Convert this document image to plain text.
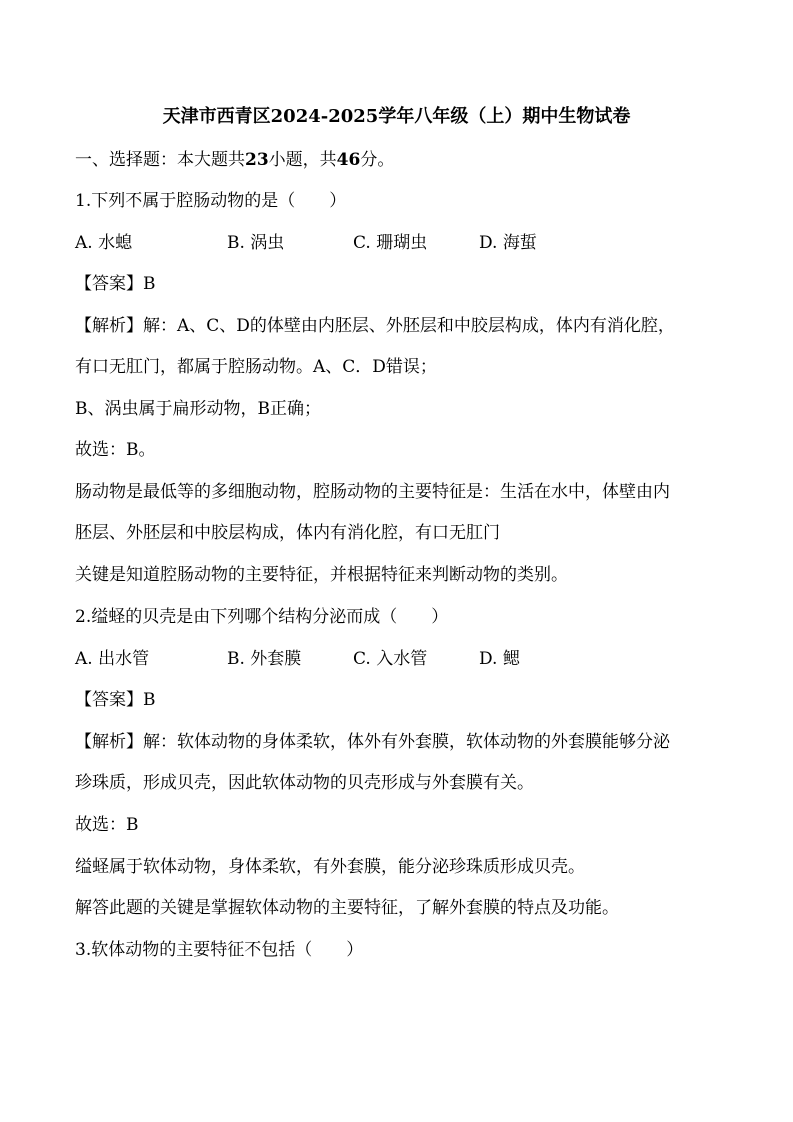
天津市西青区2024-2025学年八年级（上）期中生物试卷
一、选择题：本大题共23小题，共46分。
1.下列不属于腔肠动物的是（　　）
A. 水螅	B. 涡虫	C. 珊瑚虫	D. 海蜇
【答案】B
【解析】解：A、C、D的体壁由内胚层、外胚层和中胶层构成，体内有消化腔，
有口无肛门，都属于腔肠动物。A、C．D错误；
B、涡虫属于扁形动物，B正确；
故选：B。
肠动物是最低等的多细胞动物，腔肠动物的主要特征是：生活在水中，体壁由内
胚层、外胚层和中胶层构成，体内有消化腔，有口无肛门
关键是知道腔肠动物的主要特征，并根据特征来判断动物的类别。
2.缢蛏的贝壳是由下列哪个结构分泌而成（　　）
A. 出水管	B. 外套膜	C. 入水管	D. 鳃
【答案】B
【解析】解：软体动物的身体柔软，体外有外套膜，软体动物的外套膜能够分泌
珍珠质，形成贝壳，因此软体动物的贝壳形成与外套膜有关。
故选：B
缢蛏属于软体动物，身体柔软，有外套膜，能分泌珍珠质形成贝壳。
解答此题的关键是掌握软体动物的主要特征，了解外套膜的特点及功能。
3.软体动物的主要特征不包括（　　）
